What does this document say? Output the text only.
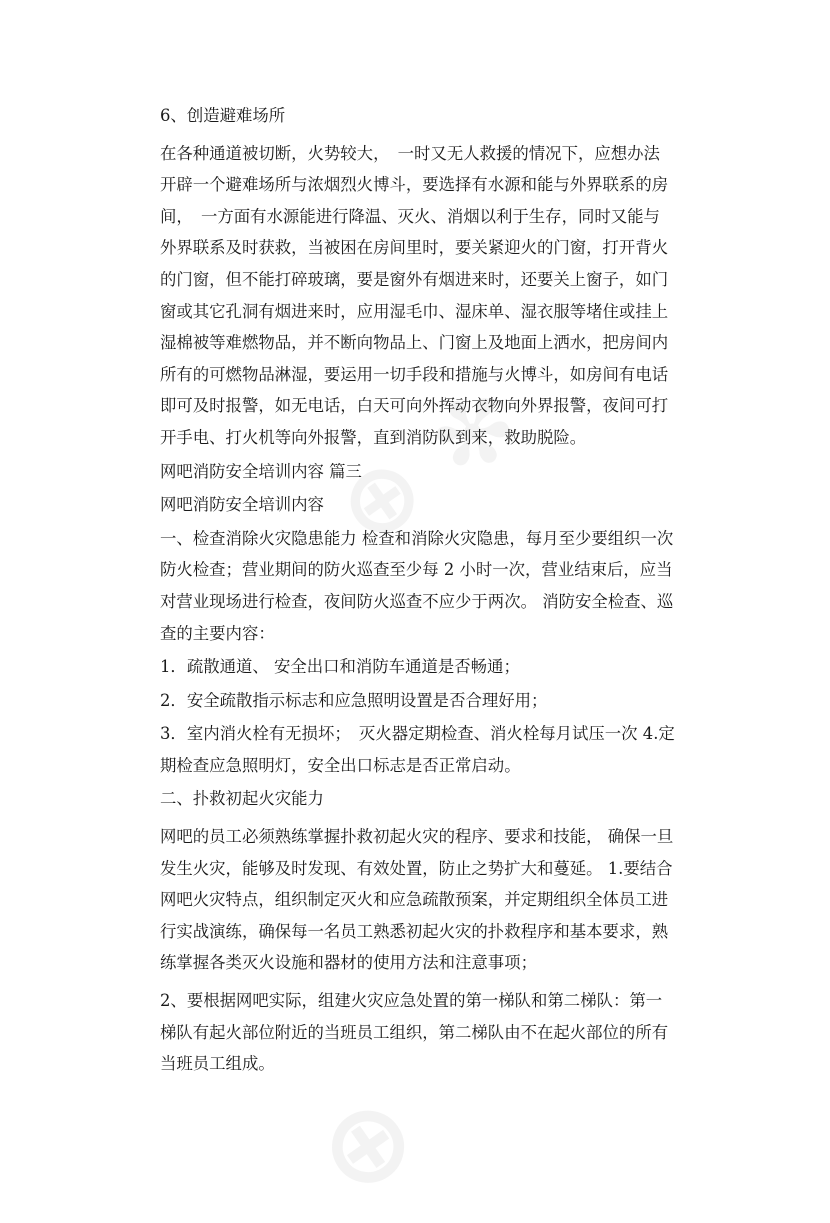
6、创造避难场所

在各种通道被切断，火势较大，　一时又无人救援的情况下，应想办法开辟一个避难场所与浓烟烈火博斗，要选择有水源和能与外界联系的房间，　一方面有水源能进行降温、灭火、消烟以利于生存，同时又能与外界联系及时获救，当被困在房间里时，要关紧迎火的门窗，打开背火的门窗，但不能打碎玻璃，要是窗外有烟进来时，还要关上窗子，如门窗或其它孔洞有烟进来时，应用湿毛巾、湿床单、湿衣服等堵住或挂上湿棉被等难燃物品，并不断向物品上、门窗上及地面上洒水，把房间内所有的可燃物品淋湿，要运用一切手段和措施与火博斗，如房间有电话即可及时报警，如无电话，白天可向外挥动衣物向外界报警，夜间可打开手电、打火机等向外报警，直到消防队到来，救助脱险。

网吧消防安全培训内容 篇三

网吧消防安全培训内容

一、检查消除火灾隐患能力 检查和消除火灾隐患，每月至少要组织一次防火检查；营业期间的防火巡查至少每 2 小时一次，营业结束后，应当对营业现场进行检查，夜间防火巡查不应少于两次。 消防安全检查、巡查的主要内容：

1．疏散通道、 安全出口和消防车通道是否畅通；

2．安全疏散指示标志和应急照明设置是否合理好用；

3．室内消火栓有无损坏；　灭火器定期检查、消火栓每月试压一次 4.定期检查应急照明灯，安全出口标志是否正常启动。

二、扑救初起火灾能力

网吧的员工必须熟练掌握扑救初起火灾的程序、要求和技能， 确保一旦发生火灾，能够及时发现、有效处置，防止之势扩大和蔓延。 1.要结合网吧火灾特点，组织制定灭火和应急疏散预案，并定期组织全体员工进行实战演练，确保每一名员工熟悉初起火灾的扑救程序和基本要求，熟练掌握各类灭火设施和器材的使用方法和注意事项；

2、要根据网吧实际，组建火灾应急处置的第一梯队和第二梯队：第一梯队有起火部位附近的当班员工组织，第二梯队由不在起火部位的所有当班员工组成。
